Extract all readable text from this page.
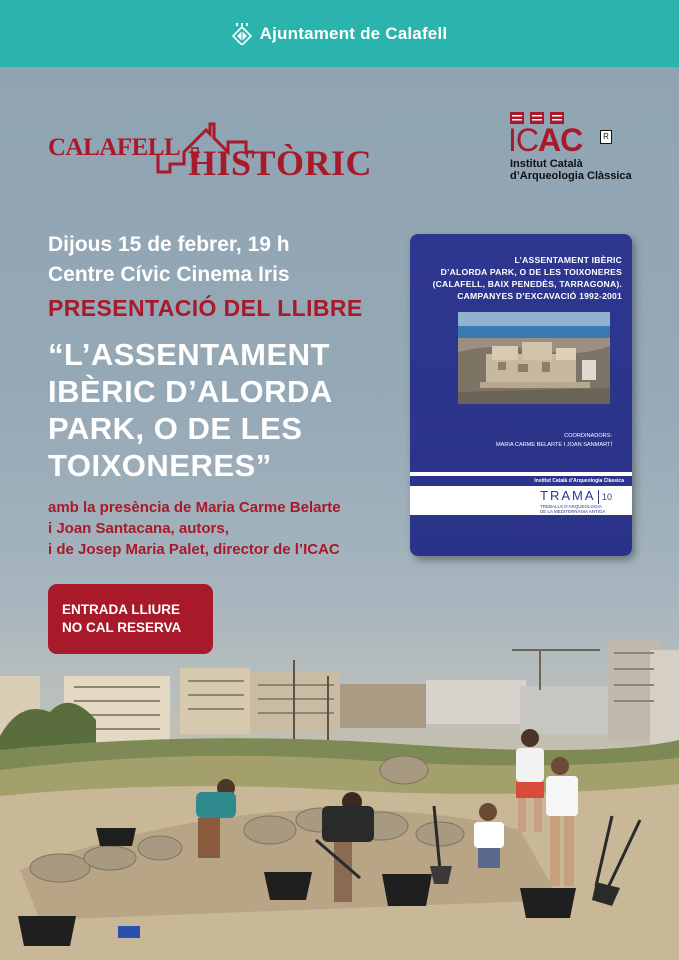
Ajuntament de Calafell
CALAFELL HISTÒRIC
ICAC	R
Institut Català
d’Arqueologia Clàssica
Dijous 15 de febrer, 19 h
Centre Cívic Cinema Iris
PRESENTACIÓ DEL LLIBRE
“L’ASSENTAMENT
IBÈRIC D’ALORDA
PARK, O DE LES
TOIXONERES”
amb la presència de Maria Carme Belarte
i Joan Santacana, autors,
i de Josep Maria Palet, director de l’ICAC
ENTRADA LLIURE
NO CAL RESERVA
L’ASSENTAMENT IBÈRIC
D’ALORDA PARK, O DE LES TOIXONERES
(CALAFELL, BAIX PENEDÈS, TARRAGONA).
CAMPANYES D’EXCAVACIÓ 1992-2001
COORDINADORS:
MARIA CARME BELARTE I JOAN SANMARTÍ
Institut Català d’Arqueologia Clàssica
TRAMA 10
TREBALLS D’ARQUEOLOGIA
DE LA MEDITERRÀNIA ANTIGA
